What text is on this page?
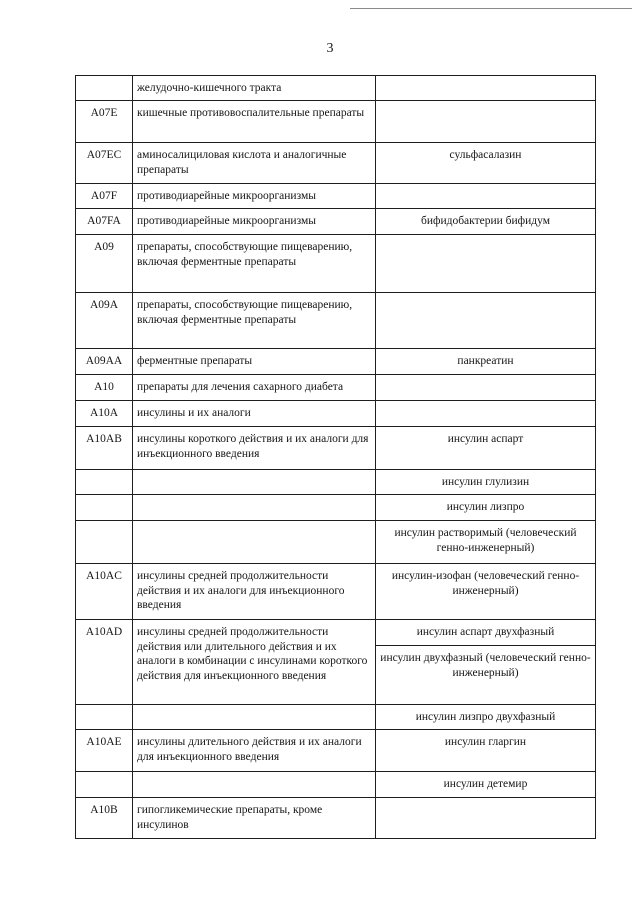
3
	желудочно-кишечного тракта	
A07E	кишечные противовоспалительные препараты	
A07EC	аминосалициловая кислота и аналогичные препараты	сульфасалазин
A07F	противодиарейные микроорганизмы	
A07FA	противодиарейные микроорганизмы	бифидобактерии бифидум
A09	препараты, способствующие пищеварению, включая ферментные препараты	
A09A	препараты, способствующие пищеварению, включая ферментные препараты	
A09AA	ферментные препараты	панкреатин
A10	препараты для лечения сахарного диабета	
A10A	инсулины и их аналоги	
A10AB	инсулины короткого действия и их аналоги для инъекционного введения	инсулин аспарт
		инсулин глулизин
		инсулин лизпро
		инсулин растворимый (человеческий генно-инженерный)
A10AC	инсулины средней продолжительности действия и их аналоги для инъекционного введения	инсулин-изофан (человеческий генно-инженерный)
A10AD	инсулины средней продолжительности действия или длительного действия и их аналоги в комбинации с инсулинами короткого действия для инъекционного введения	инсулин аспарт двухфазный
		инсулин двухфазный (человеческий генно-инженерный)
		инсулин лизпро двухфазный
A10AE	инсулины длительного действия и их аналоги для инъекционного введения	инсулин гларгин
		инсулин детемир
A10B	гипогликемические препараты, кроме инсулинов	
